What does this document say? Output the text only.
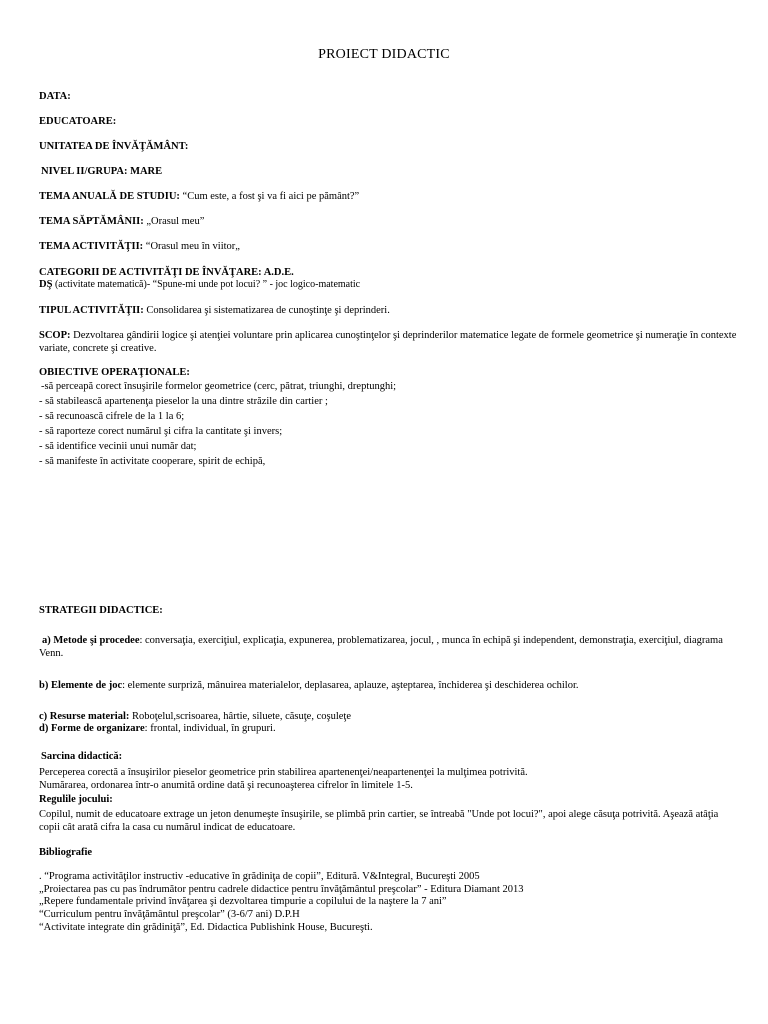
PROIECT DIDACTIC
DATA:
EDUCATOARE:
UNITATEA DE ÎNVĂŢĂMÂNT:
NIVEL II/GRUPA: MARE
TEMA ANUALĂ DE STUDIU: “Cum este, a fost şi va fi aici pe pământ?”
TEMA SĂPTĂMÂNII: „Orasul meu”
TEMA ACTIVITĂŢII: “Orasul meu în viitor„
CATEGORII DE ACTIVITĂŢI DE ÎNVĂŢARE: A.D.E.
DŞ (activitate matematică)- “Spune-mi unde pot locui? ” - joc logico-matematic
TIPUL ACTIVITĂŢII: Consolidarea şi sistematizarea de cunoştinţe şi deprinderi.
SCOP: Dezvoltarea gândirii logice şi atenţiei voluntare prin aplicarea cunoştinţelor şi deprinderilor matematice legate de formele geometrice şi numeraţie în contexte variate, concrete şi creative.
OBIECTIVE OPERAŢIONALE:
-să perceapă corect însuşirile formelor geometrice (cerc, pătrat, triunghi, dreptunghi;
- să stabilească apartenenţa pieselor la una dintre străzile din cartier ;
- să recunoască cifrele de la 1 la 6;
- să raporteze corect numărul şi cifra la cantitate şi invers;
- să identifice vecinii unui număr dat;
- să manifeste în activitate cooperare, spirit de echipă,
STRATEGII DIDACTICE:
a) Metode şi procedee: conversaţia, exerciţiul, explicaţia, expunerea, problematizarea, jocul, , munca în echipă şi independent, demonstraţia, exerciţiul, diagrama Venn.
b) Elemente de joc: elemente surpriză, mânuirea materialelor, deplasarea, aplauze, aşteptarea, închiderea şi deschiderea ochilor.
c) Resurse material: Roboţelul,scrisoarea, hârtie, siluete, căsuţe, coşuleţe
d) Forme de organizare: frontal, individual, în grupuri.
Sarcina didactică:
Perceperea corectă a însuşirilor pieselor geometrice prin stabilirea apartenenţei/neapartenenţei la mulţimea potrivită.
Numărarea, ordonarea într-o anumită ordine dată şi recunoaşterea cifrelor în limitele 1-5.
Regulile jocului:
Copilul, numit de educatoare extrage un jeton denumeşte însuşirile, se plimbă prin cartier, se întreabă "Unde pot locui?", apoi alege căsuţa potrivită. Aşează atâţia copii cât arată cifra la casa cu numărul indicat de educatoare.
Bibliografie
. “Programa activităţilor instructiv -educative în grădiniţa de copii”, Editură. V&Integral, Bucureşti 2005
„Proiectarea pas cu pas îndrumător pentru cadrele didactice pentru învăţământul preşcolar” - Editura Diamant 2013
„Repere fundamentale privind învăţarea şi dezvoltarea timpurie a copilului de la naştere la 7 ani”
“Curriculum pentru învăţământul preşcolar” (3-6/7 ani) D.P.H
“Activitate integrate din grădiniţă”, Ed. Didactica Publishink House, Bucureşti.
